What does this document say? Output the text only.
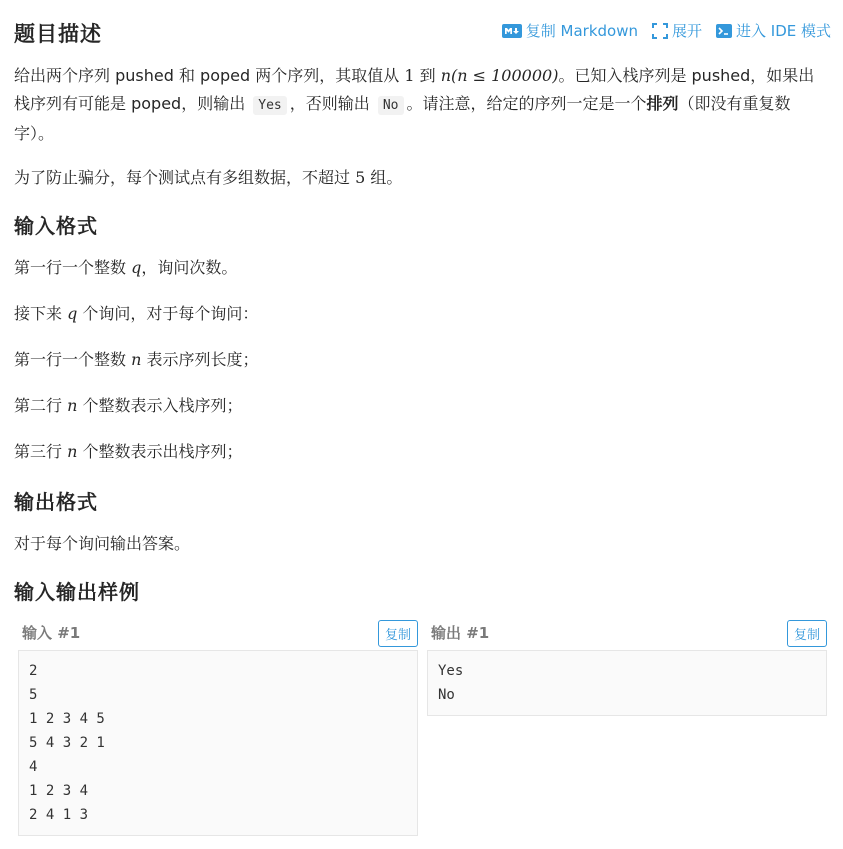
题目描述	复制 Markdown 展开 进入 IDE 模式
给出两个序列 pushed 和 poped 两个序列，其取值从 1 到 n(n ≤ 100000)。已知入栈序列是 pushed，如果出栈序列有可能是 poped，则输出 Yes ，否则输出 No 。请注意，给定的序列一定是一个排列（即没有重复数字）。
为了防止骗分，每个测试点有多组数据，不超过 5 组。
输入格式
第一行一个整数 q，询问次数。
接下来 q 个询问，对于每个询问：
第一行一个整数 n 表示序列长度；
第二行 n 个整数表示入栈序列；
第三行 n 个整数表示出栈序列；
输出格式
对于每个询问输出答案。
输入输出样例
输入 #1	复制
2
5
1 2 3 4 5
5 4 3 2 1
4
1 2 3 4
2 4 1 3
输出 #1	复制
Yes
No
